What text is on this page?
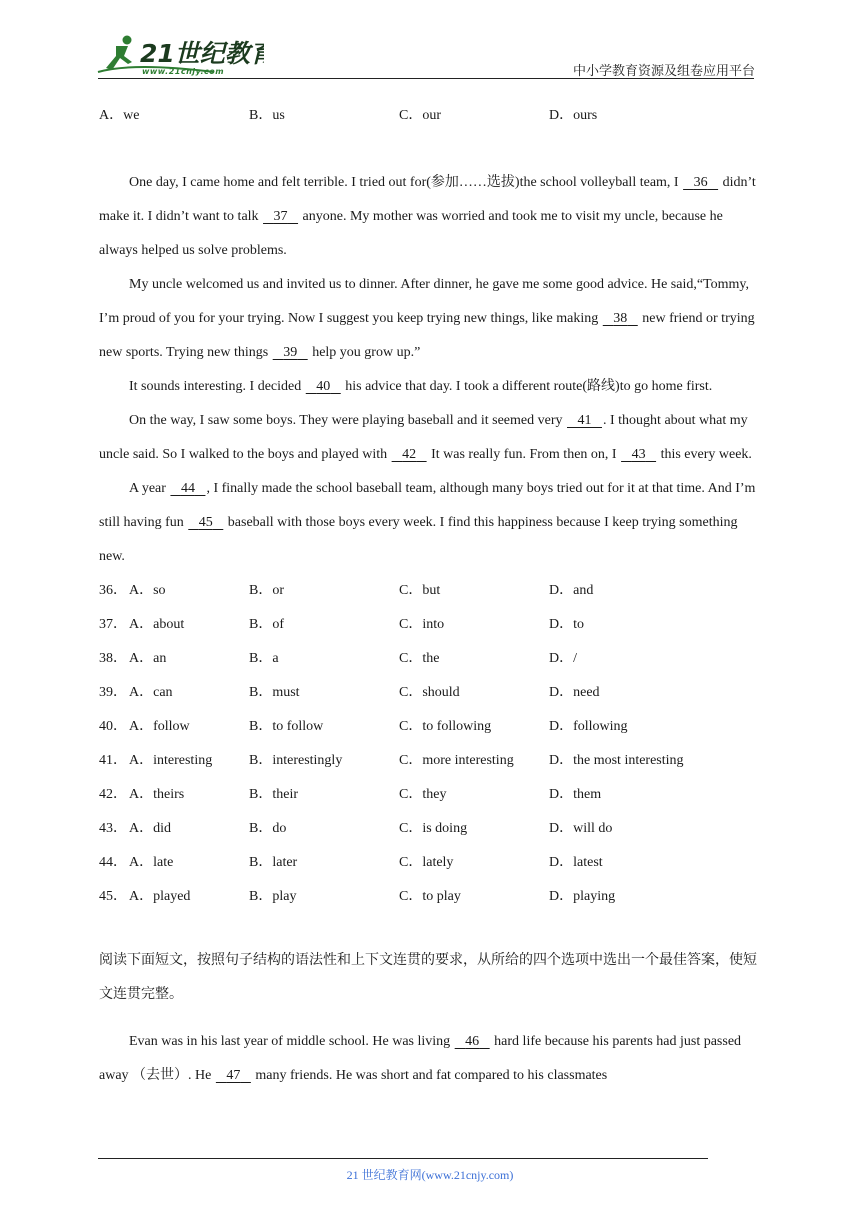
21世纪教育
www.21cnjy.com	中小学教育资源及组卷应用平台
A．we	B．us	C．our	D．ours

One day, I came home and felt terrible. I tried out for(参加……选拔)the school volleyball team, I 36 didn’t make it. I didn’t want to talk 37 anyone. My mother was worried and took me to visit my uncle, because he always helped us solve problems.

My uncle welcomed us and invited us to dinner. After dinner, he gave me some good advice. He said,“Tommy, I’m proud of you for your trying. Now I suggest you keep trying new things, like making 38 new friend or trying new sports. Trying new things 39 help you grow up.”

It sounds interesting. I decided 40 his advice that day. I took a different route(路线)to go home first.

On the way, I saw some boys. They were playing baseball and it seemed very 41 . I thought about what my uncle said. So I walked to the boys and played with 42 It was really fun. From then on, I 43 this every week.

A year 44 , I finally made the school baseball team, although many boys tried out for it at that time. And I’m still having fun 45 baseball with those boys every week. I find this happiness because I keep trying something new.

36． A．so	B．or	C．but	D．and
37． A．about	B．of	C．into	D．to
38． A．an	B．a	C．the	D．/
39． A．can	B．must	C．should	D．need
40． A．follow	B．to follow	C．to following	D．following
41． A．interesting	B．interestingly	C．more interesting	D．the most interesting
42． A．theirs	B．their	C．they	D．them
43． A．did	B．do	C．is doing	D．will do
44． A．late	B．later	C．lately	D．latest
45． A．played	B．play	C．to play	D．playing

阅读下面短文，按照句子结构的语法性和上下文连贯的要求，从所给的四个选项中选出一个最佳答案，使短文连贯完整。

Evan was in his last year of middle school. He was living 46 hard life because his parents had just passed away （去世）. He 47 many friends. He was short and fat compared to his classmates

21 世纪教育网(www.21cnjy.com)
